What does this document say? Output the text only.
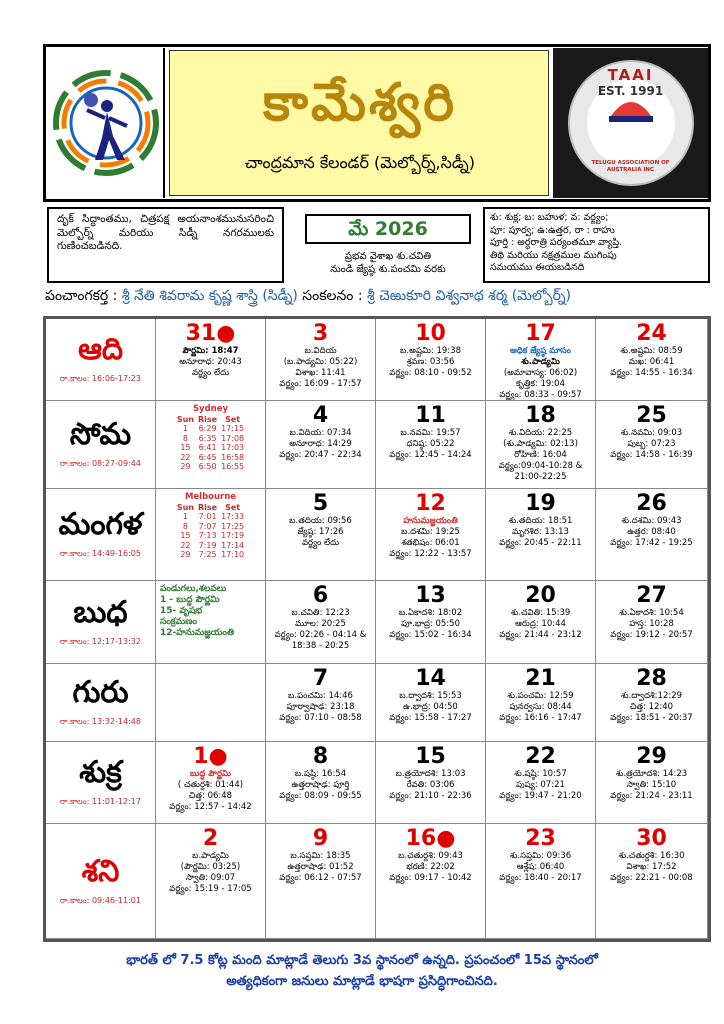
కామేశ్వరి
చాంద్రమాన కేలండర్ (మెల్బోర్న్,సిడ్నీ)
TAAI
EST. 1991
TELUGU ASSOCIATION OF AUSTRALIA INC
దృక్ సిద్ధాంతము, చిత్రపక్ష అయనాంశమునుసరించి మెల్బోర్న్ మరియు సిడ్నీ నగరములకు గుణించబడినది.
మే 2026
ప్రభవ వైశాఖ శు.చవితి
నుండి జ్యేష్ఠ శు.పంచమి వరకు
శు: శుక్ల; బ: బహుళ; వ: వర్జ్యం;
పూ: పూర్వ; ఉ:ఉత్తర, రా : రాహు
పూర్తి : అర్ధరాత్రి పర్యంతమూ వ్యాప్తి.
తిథి మరియు నక్షత్రముల ముగింపు
సమయము ఈయబడినది
పంచాంగకర్త : శ్రీ నేతి శివరామ కృష్ణ శాస్త్రి (సిడ్నీ) సంకలనం : శ్రీ చెఱుకూరి విశ్వనాథ శర్మ (మెల్బోర్న్)
ఆది
రా.కాలం: 16:06-17:23
31●
పౌర్ణమి: 18:47
అనూరాధ: 20:43
వర్జ్యం లేదు
3
బ.విదియ
(బ.పాడ్యమి: 05:22)
విశాఖ: 11:41
వర్జ్యం: 16:09 - 17:57
10
బ.అష్టమి: 19:38
శ్రవణ: 03:56
వర్జ్యం: 08:10 - 09:52
17
అధిక జ్యేష్ఠ మాసం
శు.పాడ్యమి
(అమావాస్య: 06:02)
కృత్తిక: 19:04
వర్జ్యం: 08:33 - 09:57
24
శు.అష్టమి: 08:59
మఖ: 06:41
వర్జ్యం: 14:55 - 16:34
సోమ
రా.కాలం: 08:27-09:44
Sydney
Sun	Rise	Set
1	6:29	17:15
8	6:35	17:08
15	6:41	17:03
22	6:45	16:58
29	6:50	16:55
4
బ.విదియ: 07:34
అనూరాధ: 14:29
వర్జ్యం: 20:47 - 22:34
11
బ.నవమి: 19:57
ధనిష్ఠ: 05:22
వర్జ్యం: 12:45 - 14:24
18
శు.విదియ: 22:25
(శు.పాడ్యమి: 02:13)
రోహిణి: 16:04
వర్జ్యం:09:04-10:28 &
21:00-22:25
25
శు.నవమి: 09:03
పుబ్బ: 07:23
వర్జ్యం: 14:58 - 16:39
మంగళ
రా.కాలం: 14:49-16:05
Melbourne
Sun	Rise	Set
1	7:01	17:33
8	7:07	17:25
15	7:13	17:19
22	7:19	17:14
29	7:25	17:10
5
బ.తదియ: 09:56
జ్యేష్ఠ: 17:26
వర్జ్యం లేదు
12
హనుమజ్జయంతి
బ.దశమి: 19:25
శతభిషం: 06:01
వర్జ్యం: 12:22 - 13:57
19
శు.తదియ: 18:51
మృగశిర: 13:13
వర్జ్యం: 20:45 - 22:11
26
శు.దశమి: 09:43
ఉత్తర: 08:40
వర్జ్యం: 17:42 - 19:25
బుధ
రా.కాలం: 12:17-13:32
పండుగలు,శలవలు
1 - బుద్ధ పౌర్ణమి
15- వృషభ
సంక్రమణం
12-హనుమజ్జయంతి
6
బ.చవితి: 12:23
మూల: 20:25
వర్జ్యం: 02:26 - 04:14 &
18:38 - 20:25
13
బ.ఏకాదశి: 18:02
పూ.భాద్ర: 05:50
వర్జ్యం: 15:02 - 16:34
20
శు.చవితి: 15:39
ఆరుద్ర: 10:44
వర్జ్యం: 21:44 - 23:12
27
శు.ఏకాదశి: 10:54
హస్త: 10:28
వర్జ్యం: 19:12 - 20:57
గురు
రా.కాలం: 13:32-14:48
7
బ.పంచమి: 14:46
పూర్వాషాఢ: 23:18
వర్జ్యం: 07:10 - 08:58
14
బ.ద్వాదశి: 15:53
ఉ.భాద్ర: 04:50
వర్జ్యం: 15:58 - 17:27
21
శు.పంచమి: 12:59
పునర్వసు: 08:44
వర్జ్యం: 16:16 - 17:47
28
శు.ద్వాదశి:12:29
చిత్త: 12:40
వర్జ్యం: 18:51 - 20:37
శుక్ర
రా.కాలం: 11:01-12:17
1●
బుద్ధ పౌర్ణమి
( చతుర్దశి: 01:44)
చిత్త: 06:48
వర్జ్యం: 12:57 - 14:42
8
బ.షష్ఠి: 16:54
ఉత్తరాషాఢ: పూర్తి
వర్జ్యం: 08:09 - 09:55
15
బ.త్రయోదశి: 13:03
రేవతి: 03:06
వర్జ్యం: 21:10 - 22:36
22
శు.షష్ఠి: 10:57
పుష్య: 07:21
వర్జ్యం: 19:47 - 21:20
29
శు.త్రయోదశి: 14:23
స్వాతి: 15:10
వర్జ్యం: 21:24 - 23:11
శని
రా.కాలం: 09:46-11:01
2
బ.పాడ్యమి
(పౌర్ణమి: 03:25)
స్వాతి: 09:07
వర్జ్యం: 15:19 - 17:05
9
బ.సప్తమి: 18:35
ఉత్తరాషాఢ: 01:52
వర్జ్యం: 06:12 - 07:57
16●
బ.చతుర్దశి: 09:43
భరణి: 22:02
వర్జ్యం: 09:17 - 10:42
23
శు.సప్తమి: 09:36
ఆశ్లేష: 06:40
వర్జ్యం: 18:40 - 20:17
30
శు.చతుర్దశి: 16:30
విశాఖ: 17:52
వర్జ్యం: 22:21 - 00:08
భారత్ లో 7.5 కోట్ల మంది మాట్లాడే తెలుగు 3వ స్థానంలో ఉన్నది. ప్రపంచంలో 15వ స్థానంలో
అత్యధికంగా జనులు మాట్లాడే భాషగా ప్రసిద్ధిగాంచినది.
